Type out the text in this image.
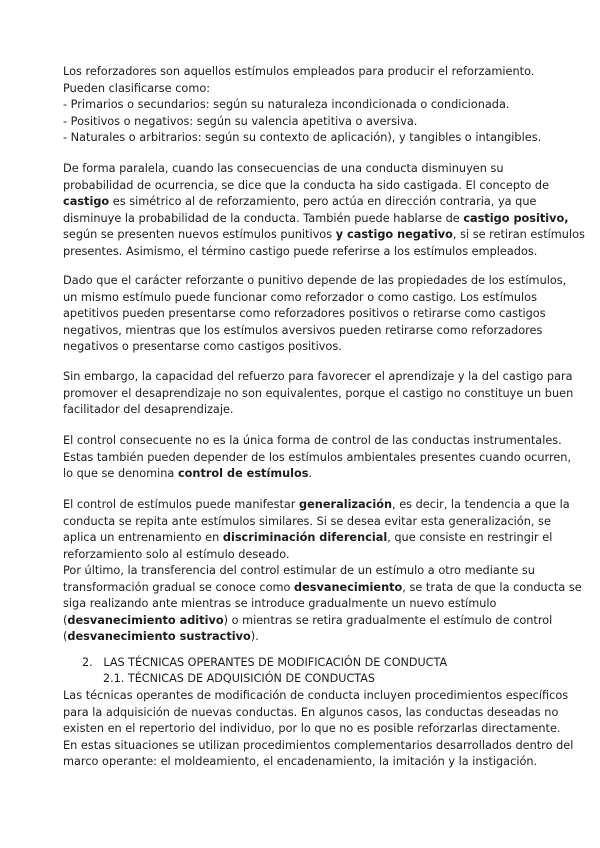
Los reforzadores son aquellos estímulos empleados para producir el reforzamiento.
Pueden clasificarse como:
- Primarios o secundarios: según su naturaleza incondicionada o condicionada.
- Positivos o negativos: según su valencia apetitiva o aversiva.
- Naturales o arbitrarios: según su contexto de aplicación), y tangibles o intangibles.

De forma paralela, cuando las consecuencias de una conducta disminuyen su
probabilidad de ocurrencia, se dice que la conducta ha sido castigada. El concepto de
castigo es simétrico al de reforzamiento, pero actúa en dirección contraria, ya que
disminuye la probabilidad de la conducta. También puede hablarse de castigo positivo,
según se presenten nuevos estímulos punitivos y castigo negativo, si se retiran estímulos
presentes. Asimismo, el término castigo puede referirse a los estímulos empleados.

Dado que el carácter reforzante o punitivo depende de las propiedades de los estímulos,
un mismo estímulo puede funcionar como reforzador o como castigo. Los estímulos
apetitivos pueden presentarse como reforzadores positivos o retirarse como castigos
negativos, mientras que los estímulos aversivos pueden retirarse como reforzadores
negativos o presentarse como castigos positivos.

Sin embargo, la capacidad del refuerzo para favorecer el aprendizaje y la del castigo para
promover el desaprendizaje no son equivalentes, porque el castigo no constituye un buen
facilitador del desaprendizaje.

El control consecuente no es la única forma de control de las conductas instrumentales.
Estas también pueden depender de los estímulos ambientales presentes cuando ocurren,
lo que se denomina control de estímulos.

El control de estímulos puede manifestar generalización, es decir, la tendencia a que la
conducta se repita ante estímulos similares. Si se desea evitar esta generalización, se
aplica un entrenamiento en discriminación diferencial, que consiste en restringir el
reforzamiento solo al estímulo deseado.
Por último, la transferencia del control estimular de un estímulo a otro mediante su
transformación gradual se conoce como desvanecimiento, se trata de que la conducta se
siga realizando ante mientras se introduce gradualmente un nuevo estímulo
(desvanecimiento aditivo) o mientras se retira gradualmente el estímulo de control
(desvanecimiento sustractivo).

2. LAS TÉCNICAS OPERANTES DE MODIFICACIÓN DE CONDUCTA
2.1. TÉCNICAS DE ADQUISICIÓN DE CONDUCTAS

Las técnicas operantes de modificación de conducta incluyen procedimientos específicos
para la adquisición de nuevas conductas. En algunos casos, las conductas deseadas no
existen en el repertorio del individuo, por lo que no es posible reforzarlas directamente.
En estas situaciones se utilizan procedimientos complementarios desarrollados dentro del
marco operante: el moldeamiento, el encadenamiento, la imitación y la instigación.
